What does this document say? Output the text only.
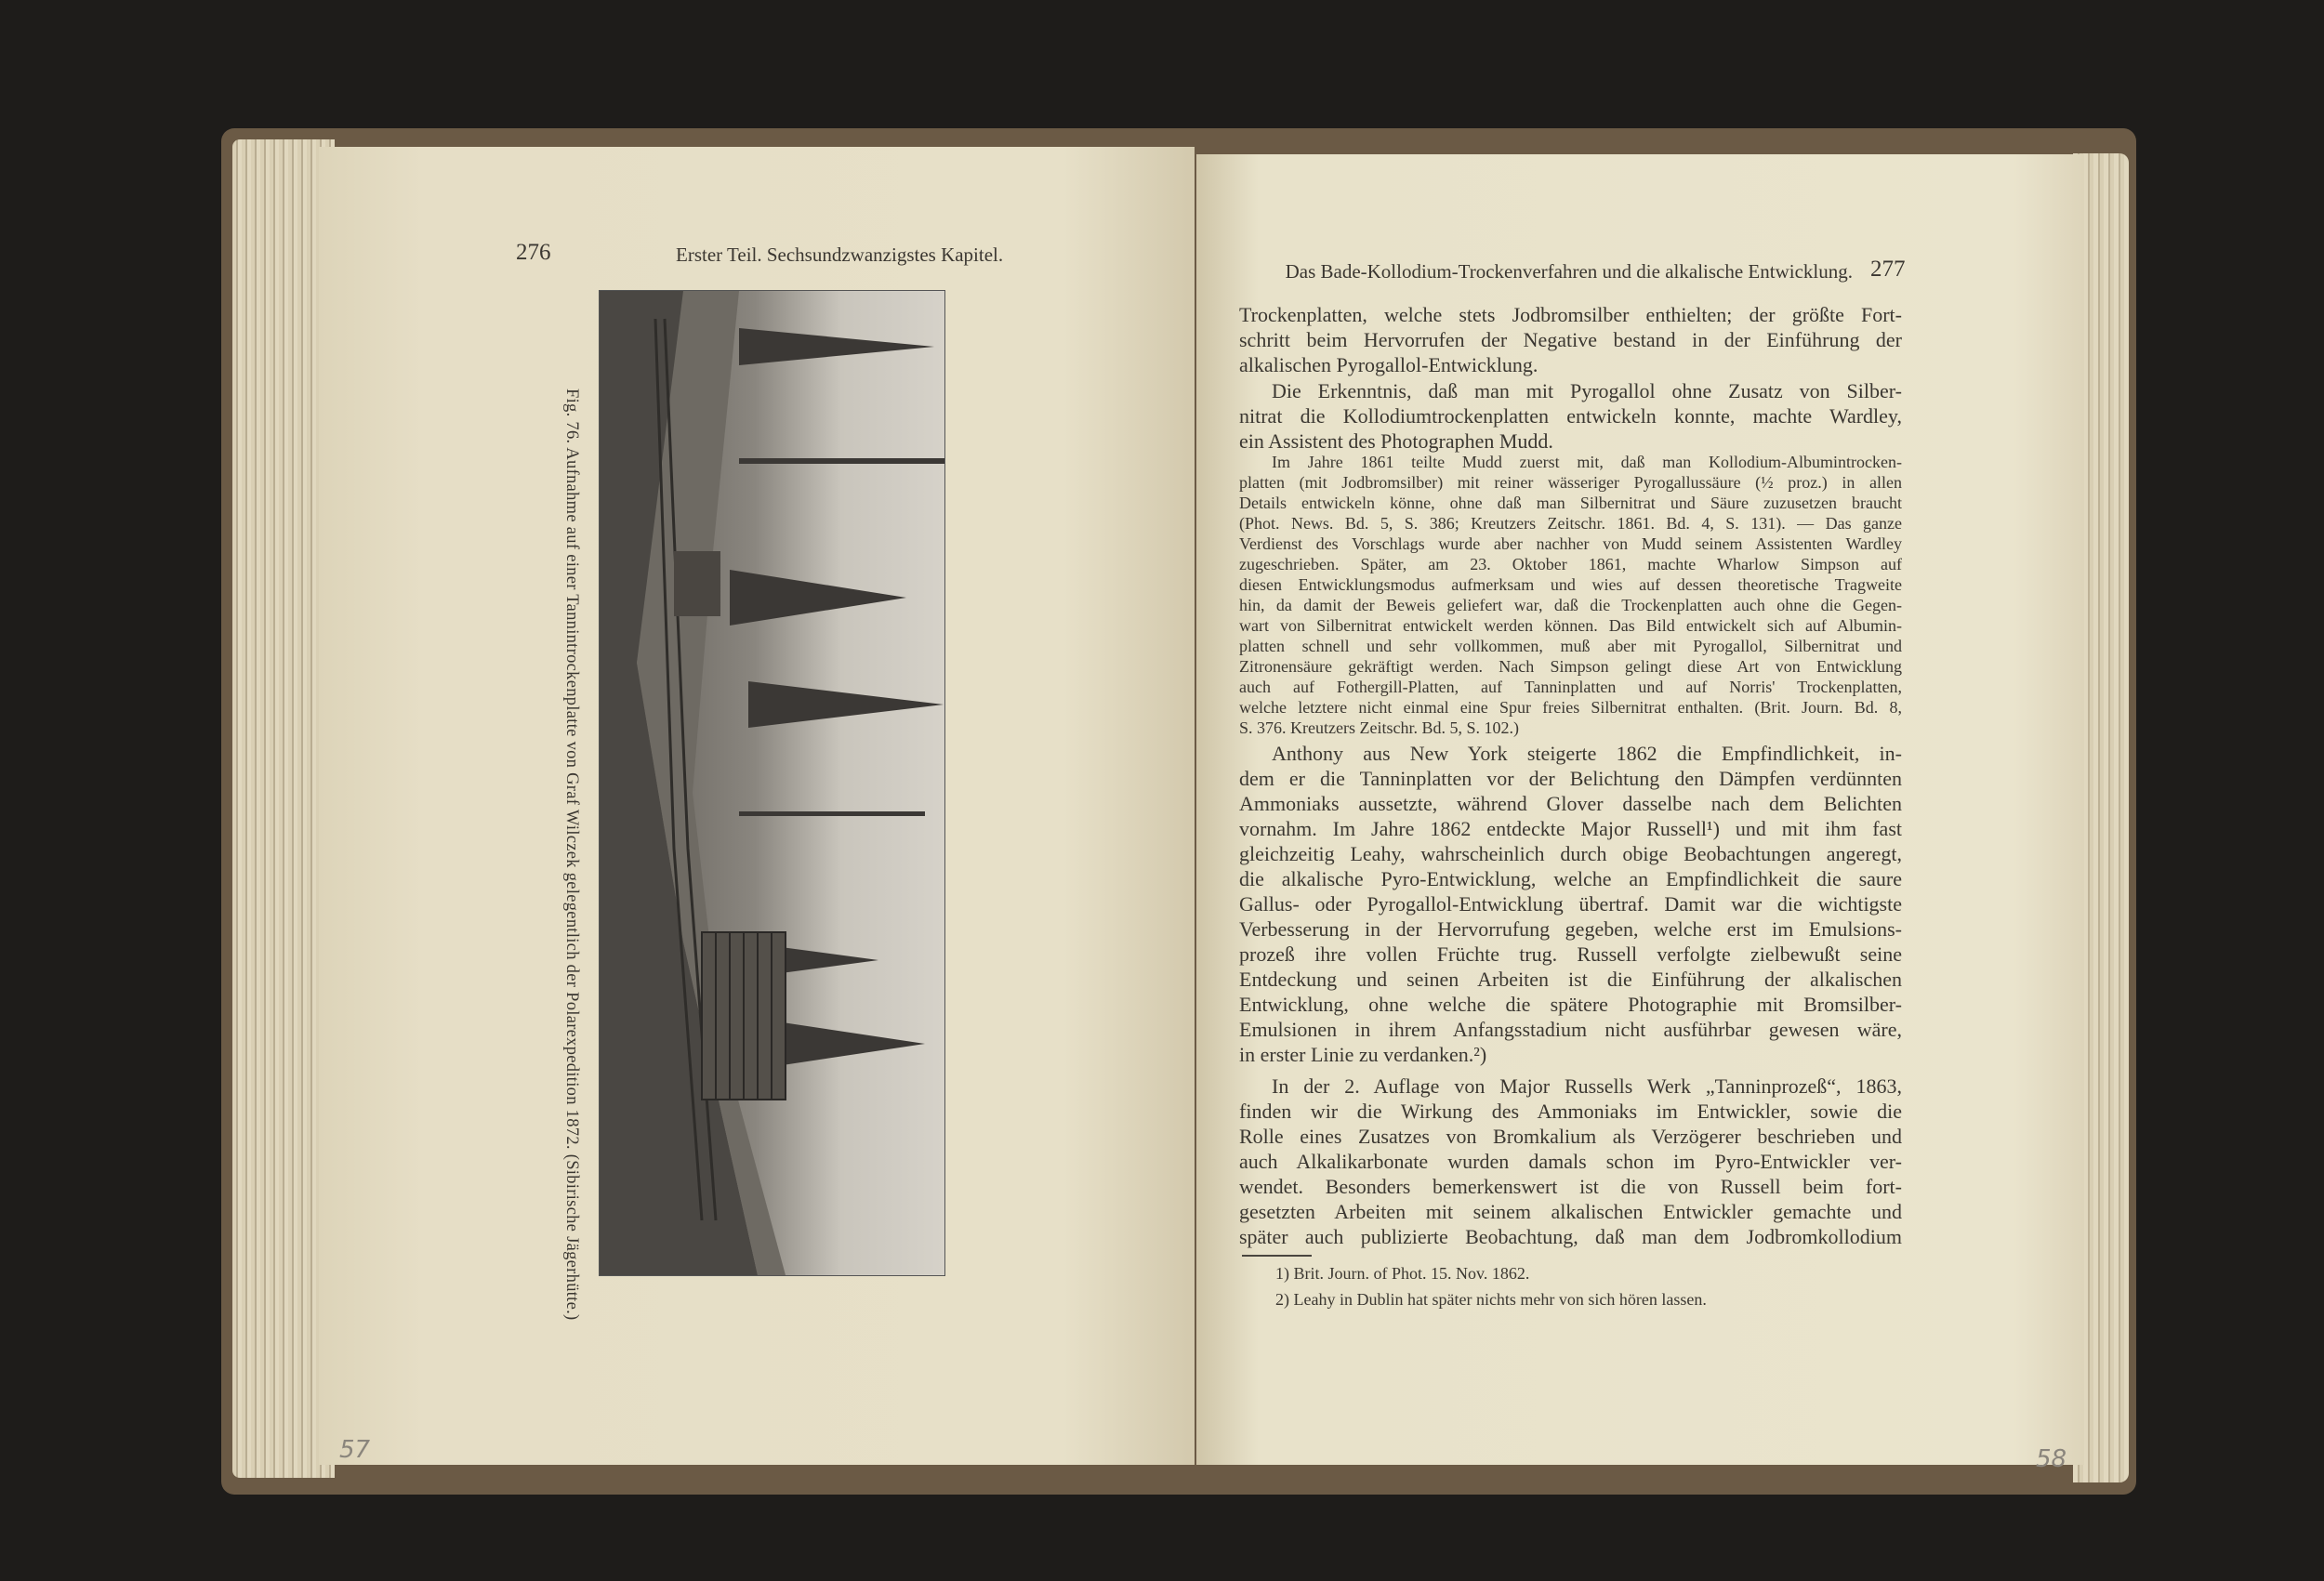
276	Erster Teil. Sechsundzwanzigstes Kapitel.
Fig. 76. Aufnahme auf einer Tannintrockenplatte von Graf Wilczek gelegentlich der Polarexpedition 1872. (Sibirische Jägerhütte.)
57
Das Bade-Kollodium-Trockenverfahren und die alkalische Entwicklung. 277
Trockenplatten, welche stets Jodbromsilber enthielten; der größte Fort-
schritt beim Hervorrufen der Negative bestand in der Einführung der
alkalischen Pyrogallol-Entwicklung.
Die Erkenntnis, daß man mit Pyrogallol ohne Zusatz von Silber-
nitrat die Kollodiumtrockenplatten entwickeln konnte, machte Wardley,
ein Assistent des Photographen Mudd.
Im Jahre 1861 teilte Mudd zuerst mit, daß man Kollodium-Albumintrocken-
platten (mit Jodbromsilber) mit reiner wässeriger Pyrogallussäure (½ proz.) in allen
Details entwickeln könne, ohne daß man Silbernitrat und Säure zuzusetzen braucht
(Phot. News. Bd. 5, S. 386; Kreutzers Zeitschr. 1861. Bd. 4, S. 131). — Das ganze
Verdienst des Vorschlags wurde aber nachher von Mudd seinem Assistenten Wardley
zugeschrieben. Später, am 23. Oktober 1861, machte Wharlow Simpson auf
diesen Entwicklungsmodus aufmerksam und wies auf dessen theoretische Tragweite
hin, da damit der Beweis geliefert war, daß die Trockenplatten auch ohne die Gegen-
wart von Silbernitrat entwickelt werden können. Das Bild entwickelt sich auf Albumin-
platten schnell und sehr vollkommen, muß aber mit Pyrogallol, Silbernitrat und
Zitronensäure gekräftigt werden. Nach Simpson gelingt diese Art von Entwicklung
auch auf Fothergill-Platten, auf Tanninplatten und auf Norris' Trockenplatten,
welche letztere nicht einmal eine Spur freies Silbernitrat enthalten. (Brit. Journ. Bd. 8,
S. 376. Kreutzers Zeitschr. Bd. 5, S. 102.)
Anthony aus New York steigerte 1862 die Empfindlichkeit, in-
dem er die Tanninplatten vor der Belichtung den Dämpfen verdünnten
Ammoniaks aussetzte, während Glover dasselbe nach dem Belichten
vornahm. Im Jahre 1862 entdeckte Major Russell¹) und mit ihm fast
gleichzeitig Leahy, wahrscheinlich durch obige Beobachtungen angeregt,
die alkalische Pyro-Entwicklung, welche an Empfindlichkeit die saure
Gallus- oder Pyrogallol-Entwicklung übertraf. Damit war die wichtigste
Verbesserung in der Hervorrufung gegeben, welche erst im Emulsions-
prozeß ihre vollen Früchte trug. Russell verfolgte zielbewußt seine
Entdeckung und seinen Arbeiten ist die Einführung der alkalischen
Entwicklung, ohne welche die spätere Photographie mit Bromsilber-
Emulsionen in ihrem Anfangsstadium nicht ausführbar gewesen wäre,
in erster Linie zu verdanken.²)
In der 2. Auflage von Major Russells Werk „Tanninprozeß“, 1863,
finden wir die Wirkung des Ammoniaks im Entwickler, sowie die
Rolle eines Zusatzes von Bromkalium als Verzögerer beschrieben und
auch Alkalikarbonate wurden damals schon im Pyro-Entwickler ver-
wendet. Besonders bemerkenswert ist die von Russell beim fort-
gesetzten Arbeiten mit seinem alkalischen Entwickler gemachte und
später auch publizierte Beobachtung, daß man dem Jodbromkollodium
1) Brit. Journ. of Phot. 15. Nov. 1862.
2) Leahy in Dublin hat später nichts mehr von sich hören lassen.
58
